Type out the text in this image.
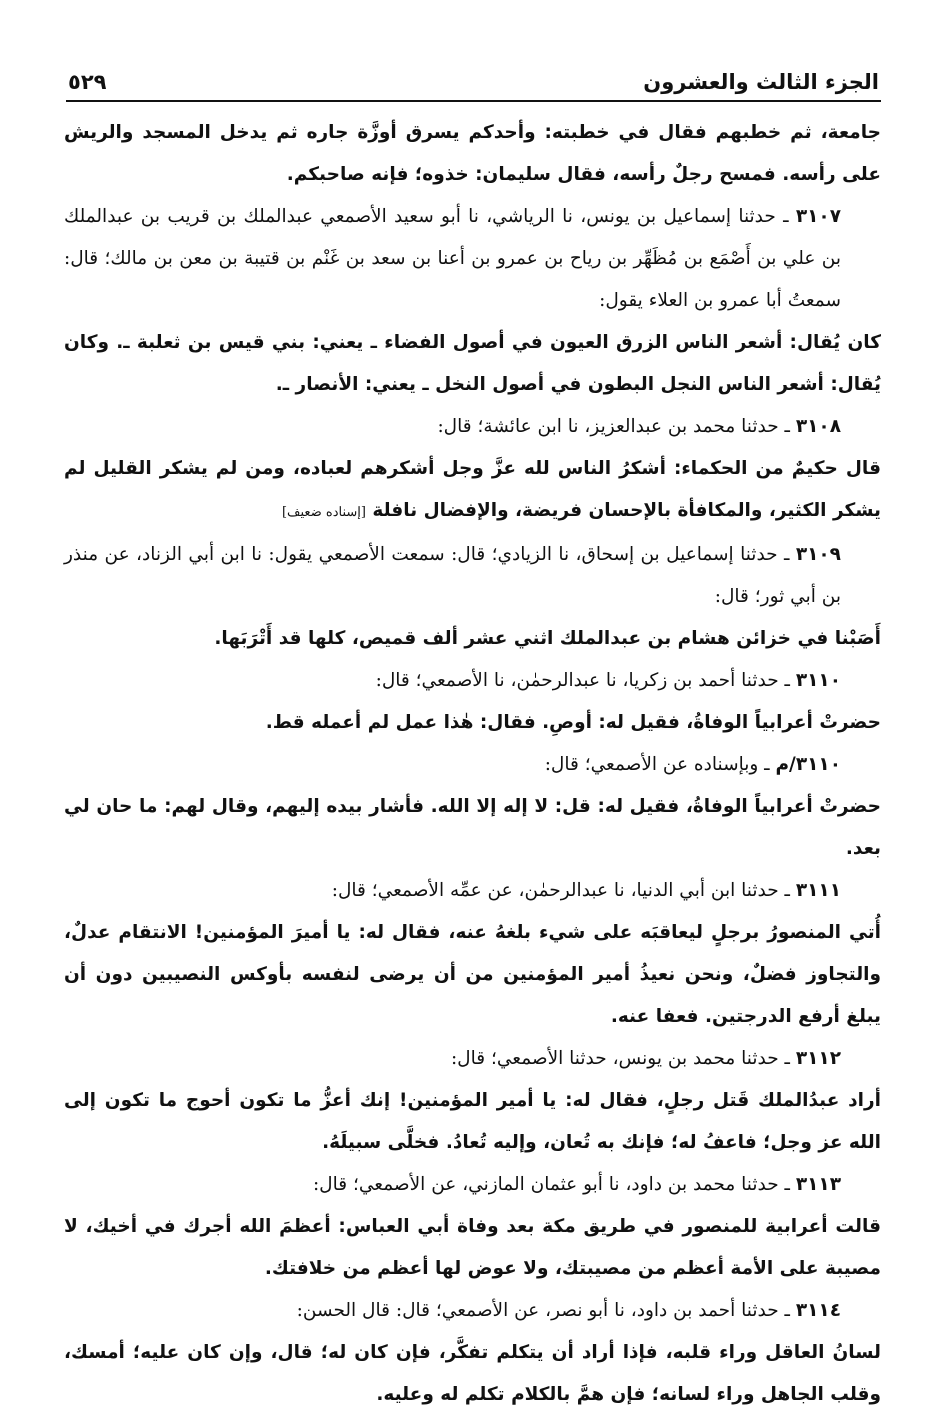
الجزء الثالث والعشرون
٥٢٩

جامعة، ثم خطبهم فقال في خطبته: وأحدكم يسرق أوزَّة جاره ثم يدخل المسجد والريش على رأسه. فمسح رجلٌ رأسه، فقال سليمان: خذوه؛ فإنه صاحبكم.

٣١٠٧ ـ حدثنا إسماعيل بن يونس، نا الرياشي، نا أبو سعيد الأصمعي عبدالملك بن قريب بن عبدالملك بن علي بن أَصْمَع بن مُظَهِّر بن رياح بن عمرو بن أعنا بن سعد بن غَنْم بن قتيبة بن معن بن مالك؛ قال: سمعتُ أبا عمرو بن العلاء يقول:

كان يُقال: أشعر الناس الزرق العيون في أصول الفضاء ـ يعني: بني قيس بن ثعلبة ـ. وكان يُقال: أشعر الناس النجل البطون في أصول النخل ـ يعني: الأنصار ـ.

٣١٠٨ ـ حدثنا محمد بن عبدالعزيز، نا ابن عائشة؛ قال:

قال حكيمٌ من الحكماء: أشكرُ الناس لله عزَّ وجل أشكرهم لعباده، ومن لم يشكر القليل لم يشكر الكثير، والمكافأة بالإحسان فريضة، والإفضال نافلة [إسناده ضعيف]

٣١٠٩ ـ حدثنا إسماعيل بن إسحاق، نا الزيادي؛ قال: سمعت الأصمعي يقول: نا ابن أبي الزناد، عن منذر بن أبي ثور؛ قال:

أَصَبْنا في خزائن هشام بن عبدالملك اثني عشر ألف قميص، كلها قد أَتْرَبَها.

٣١١٠ ـ حدثنا أحمد بن زكريا، نا عبدالرحمٰن، نا الأصمعي؛ قال:

حضرتْ أعرابياً الوفاةُ، فقيل له: أوصِ. فقال: هٰذا عمل لم أعمله قط.

٣١١٠/م ـ وبإسناده عن الأصمعي؛ قال:

حضرتْ أعرابياً الوفاةُ، فقيل له: قل: لا إله إلا الله. فأشار بيده إليهم، وقال لهم: ما حان لي بعد.

٣١١١ ـ حدثنا ابن أبي الدنيا، نا عبدالرحمٰن، عن عمِّه الأصمعي؛ قال:

أُتي المنصورُ برجلٍ ليعاقبَه على شيء بلغهُ عنه، فقال له: يا أميرَ المؤمنين! الانتقام عدلٌ، والتجاوز فضلٌ، ونحن نعيذُ أمير المؤمنين من أن يرضى لنفسه بأوكس النصيبين دون أن يبلغ أرفع الدرجتين. فعفا عنه.

٣١١٢ ـ حدثنا محمد بن يونس، حدثنا الأصمعي؛ قال:

أراد عبدُالملك قَتل رجلٍ، فقال له: يا أمير المؤمنين! إنك أعزُّ ما تكون أحوج ما تكون إلى الله عز وجل؛ فاعفُ له؛ فإنك به تُعان، وإليه تُعادُ. فخلَّى سبيلَهُ.

٣١١٣ ـ حدثنا محمد بن داود، نا أبو عثمان المازني، عن الأصمعي؛ قال:

قالت أعرابية للمنصور في طريق مكة بعد وفاة أبي العباس: أعظمَ الله أجرك في أخيك، لا مصيبة على الأمة أعظم من مصيبتك، ولا عوض لها أعظم من خلافتك.

٣١١٤ ـ حدثنا أحمد بن داود، نا أبو نصر، عن الأصمعي؛ قال: قال الحسن:

لسانُ العاقل وراء قلبه، فإذا أراد أن يتكلم تفكَّر، فإن كان له؛ قال، وإن كان عليه؛ أمسك، وقلب الجاهل وراء لسانه؛ فإن همَّ بالكلام تكلم له وعليه.
